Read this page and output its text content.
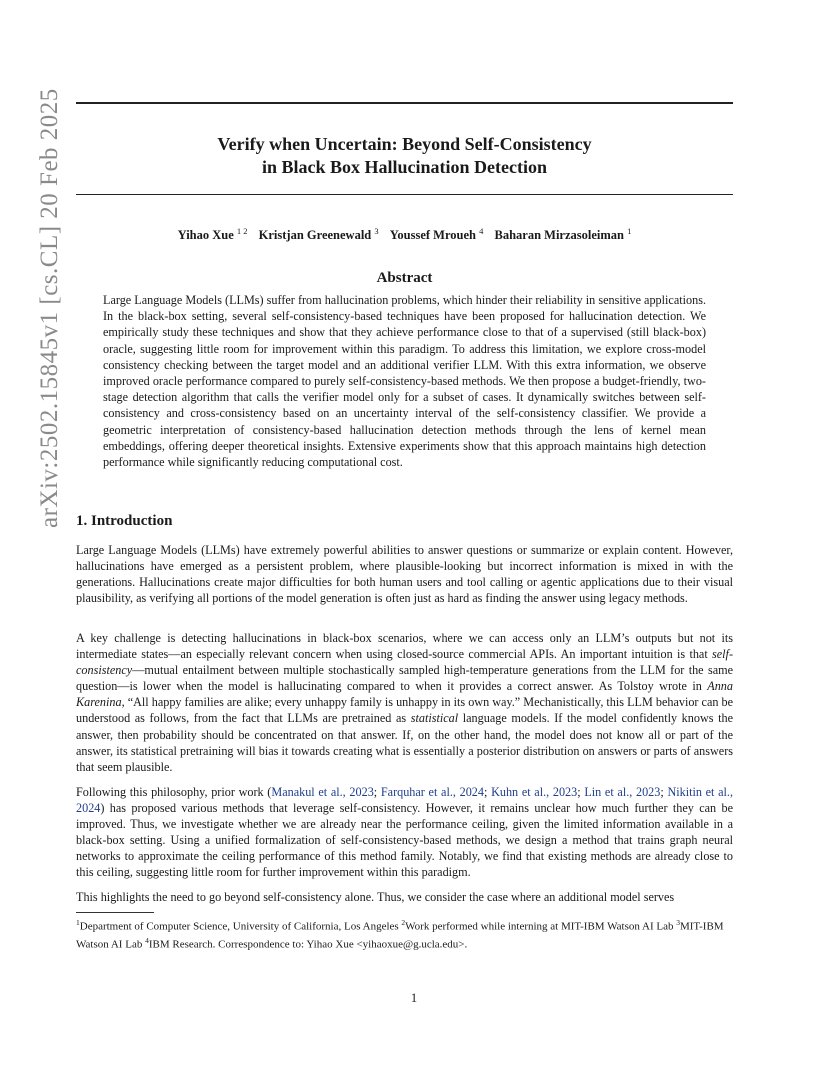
arXiv:2502.15845v1 [cs.CL] 20 Feb 2025	Verify when Uncertain: Beyond Self-Consistency
in Black Box Hallucination Detection
Yihao Xue $^{1 2}$ Kristjan Greenewald $^3$ Youssef Mroueh $^4$ Baharan Mirzasoleiman $^1$
Abstract
Large Language Models (LLMs) suffer from hallucination problems, which hinder their reliability in sensitive applications. In the black-box setting, several self-consistency-based techniques have been proposed for hallucination detection. We empirically study these techniques and show that they achieve performance close to that of a supervised (still black-box) oracle, suggesting little room for improvement within this paradigm. To address this limitation, we explore cross-model consistency checking between the target model and an additional verifier LLM. With this extra information, we observe improved oracle performance compared to purely self-consistency-based methods. We then propose a budget-friendly, two-stage detection algorithm that calls the verifier model only for a subset of cases. It dynamically switches between self-consistency and cross-consistency based on an uncertainty interval of the self-consistency classifier. We provide a geometric interpretation of consistency-based hallucination detection methods through the lens of kernel mean embeddings, offering deeper theoretical insights. Extensive experiments show that this approach maintains high detection performance while significantly reducing computational cost.
1. Introduction

Large Language Models (LLMs) have extremely powerful abilities to answer questions or summarize or explain content. However, hallucinations have emerged as a persistent problem, where plausible-looking but incorrect information is mixed in with the generations. Hallucinations create major difficulties for both human users and tool calling or agentic applications due to their visual plausibility, as verifying all portions of the model generation is often just as hard as finding the answer using legacy methods.

A key challenge is detecting hallucinations in black-box scenarios, where we can access only an LLM’s outputs but not its intermediate states—an especially relevant concern when using closed-source commercial APIs. An important intuition is that self-consistency—mutual entailment between multiple stochastically sampled high-temperature generations from the LLM for the same question—is lower when the model is hallucinating compared to when it provides a correct answer. As Tolstoy wrote in Anna Karenina, “All happy families are alike; every unhappy family is unhappy in its own way.” Mechanistically, this LLM behavior can be understood as follows, from the fact that LLMs are pretrained as statistical language models. If the model confidently knows the answer, then probability should be concentrated on that answer. If, on the other hand, the model does not know all or part of the answer, its statistical pretraining will bias it towards creating what is essentially a posterior distribution on answers or parts of answers that seem plausible.

Following this philosophy, prior work (Manakul et al., 2023; Farquhar et al., 2024; Kuhn et al., 2023; Lin et al., 2023; Nikitin et al., 2024) has proposed various methods that leverage self-consistency. However, it remains unclear how much further they can be improved. Thus, we investigate whether we are already near the performance ceiling, given the limited information available in a black-box setting. Using a unified formalization of self-consistency-based methods, we design a method that trains graph neural networks to approximate the ceiling performance of this method family. Notably, we find that existing methods are already close to this ceiling, suggesting little room for further improvement within this paradigm.

This highlights the need to go beyond self-consistency alone. Thus, we consider the case where an additional model serves

$^1$Department of Computer Science, University of California, Los Angeles $^2$Work performed while interning at MIT-IBM Watson AI Lab $^3$MIT-IBM Watson AI Lab $^4$IBM Research. Correspondence to: Yihao Xue <yihaoxue@g.ucla.edu>.
1
